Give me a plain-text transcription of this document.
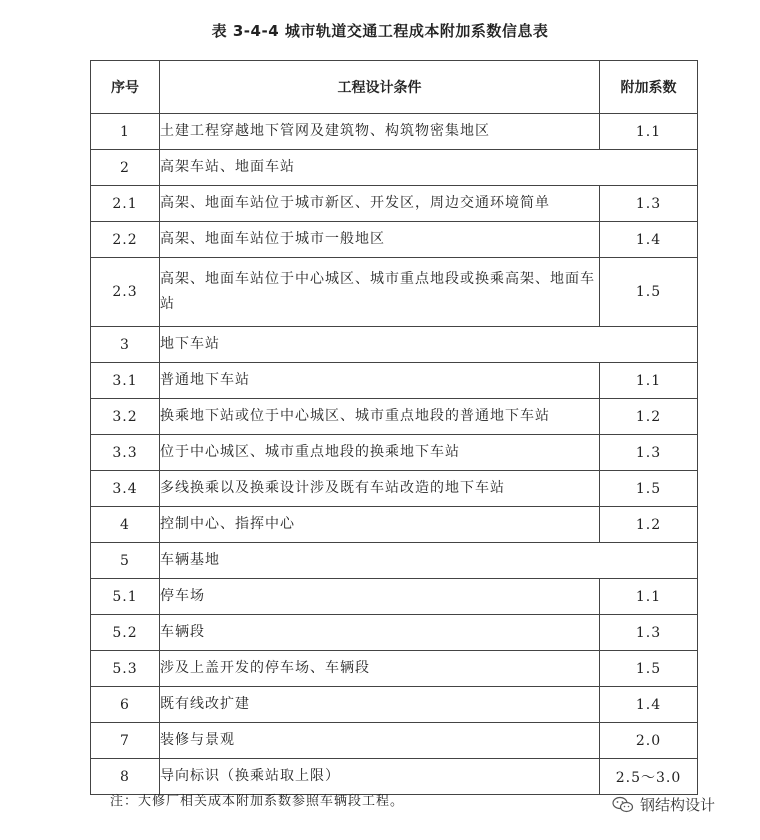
表 3-4-4 城市轨道交通工程成本附加系数信息表
序号	工程设计条件	附加系数
1	土建工程穿越地下管网及建筑物、构筑物密集地区	1.1
2	高架车站、地面车站	
2.1	高架、地面车站位于城市新区、开发区，周边交通环境简单	1.3
2.2	高架、地面车站位于城市一般地区	1.4
2.3	高架、地面车站位于中心城区、城市重点地段或换乘高架、地面车站	1.5
3	地下车站	
3.1	普通地下车站	1.1
3.2	换乘地下站或位于中心城区、城市重点地段的普通地下车站	1.2
3.3	位于中心城区、城市重点地段的换乘地下车站	1.3
3.4	多线换乘以及换乘设计涉及既有车站改造的地下车站	1.5
4	控制中心、指挥中心	1.2
5	车辆基地	
5.1	停车场	1.1
5.2	车辆段	1.3
5.3	涉及上盖开发的停车场、车辆段	1.5
6	既有线改扩建	1.4
7	装修与景观	2.0
8	导向标识（换乘站取上限）	2.5～3.0
注：大修厂相关成本附加系数参照车辆段工程。	钢结构设计
